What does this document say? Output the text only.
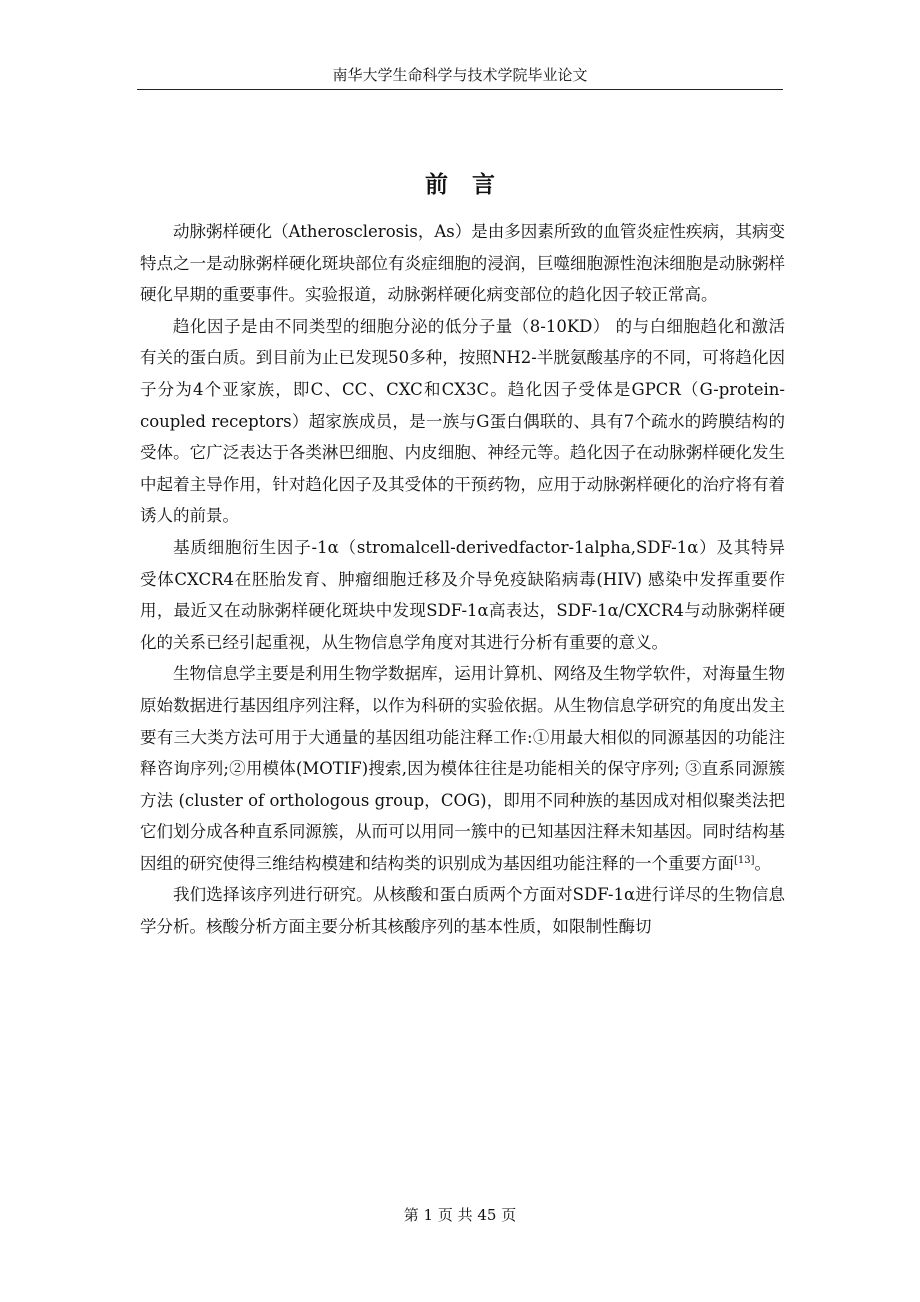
南华大学生命科学与技术学院毕业论文
前言

动脉粥样硬化（Atherosclerosis，As）是由多因素所致的血管炎症性疾病，其病变特点之一是动脉粥样硬化斑块部位有炎症细胞的浸润，巨噬细胞源性泡沫细胞是动脉粥样硬化早期的重要事件。实验报道，动脉粥样硬化病变部位的趋化因子较正常高。

趋化因子是由不同类型的细胞分泌的低分子量（8-10KD） 的与白细胞趋化和激活有关的蛋白质。到目前为止已发现50多种，按照NH2-半胱氨酸基序的不同，可将趋化因子分为4个亚家族，即C、CC、CXC和CX3C。趋化因子受体是GPCR（G-protein-coupled receptors）超家族成员，是一族与G蛋白偶联的、具有7个疏水的跨膜结构的受体。它广泛表达于各类淋巴细胞、内皮细胞、神经元等。趋化因子在动脉粥样硬化发生中起着主导作用，针对趋化因子及其受体的干预药物，应用于动脉粥样硬化的治疗将有着诱人的前景。

基质细胞衍生因子-1α（stromalcell-derivedfactor-1alpha,SDF-1α）及其特异受体CXCR4在胚胎发育、肿瘤细胞迁移及介导免疫缺陷病毒(HIV) 感染中发挥重要作用，最近又在动脉粥样硬化斑块中发现SDF-1α高表达，SDF-1α/CXCR4与动脉粥样硬化的关系已经引起重视，从生物信息学角度对其进行分析有重要的意义。

生物信息学主要是利用生物学数据库，运用计算机、网络及生物学软件，对海量生物原始数据进行基因组序列注释，以作为科研的实验依据。从生物信息学研究的角度出发主要有三大类方法可用于大通量的基因组功能注释工作:①用最大相似的同源基因的功能注释咨询序列;②用模体(MOTIF)搜索,因为模体往往是功能相关的保守序列; ③直系同源簇方法 (cluster of orthologous group，COG)，即用不同种族的基因成对相似聚类法把它们划分成各种直系同源簇，从而可以用同一簇中的已知基因注释未知基因。同时结构基因组的研究使得三维结构模建和结构类的识别成为基因组功能注释的一个重要方面[13]。

我们选择该序列进行研究。从核酸和蛋白质两个方面对SDF-1α进行详尽的生物信息学分析。核酸分析方面主要分析其核酸序列的基本性质，如限制性酶切

第 1 页 共 45 页
